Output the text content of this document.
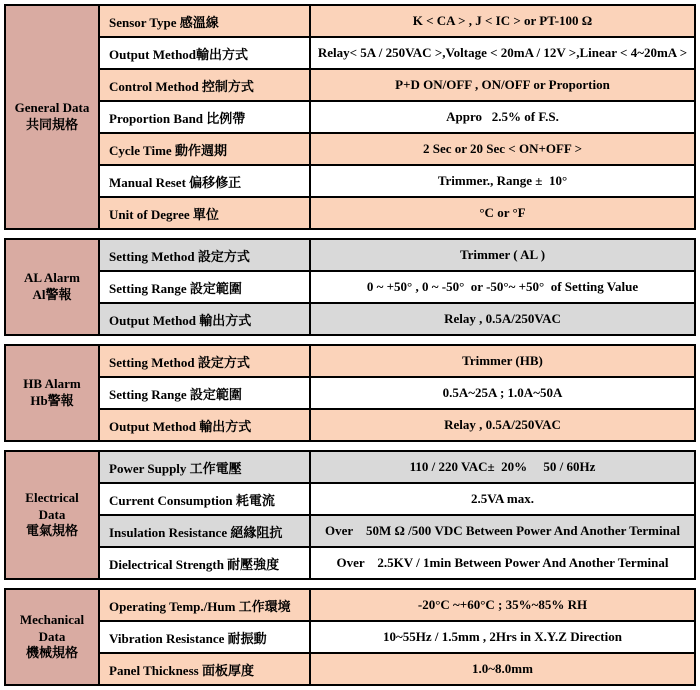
General Data
共同規格	Sensor Type 感溫線	K < CA > , J < IC > or PT-100 Ω
	Output Method輸出方式	Relay< 5A / 250VAC >,Voltage < 20mA / 12V >,Linear < 4~20mA >
	Control Method 控制方式	P+D ON/OFF , ON/OFF or Proportion
	Proportion Band 比例帶	Appro   2.5% of F.S.
	Cycle Time 動作週期	2 Sec or 20 Sec < ON+OFF >
	Manual Reset 偏移修正	Trimmer., Range ±  10°
	Unit of Degree 單位	°C or °F
AL Alarm
Al警報	Setting Method 設定方式	Trimmer ( AL )
	Setting Range 設定範圍	0 ~ +50° , 0 ~ -50°  or -50°~ +50°  of Setting Value
	Output Method 輸出方式	Relay , 0.5A/250VAC
HB Alarm
Hb警報	Setting Method 設定方式	Trimmer (HB)
	Setting Range 設定範圍	0.5A~25A ; 1.0A~50A
	Output Method 輸出方式	Relay , 0.5A/250VAC
Electrical
Data
電氣規格	Power Supply 工作電壓	110 / 220 VAC±  20%     50 / 60Hz
	Current Consumption 耗電流	2.5VA max.
	Insulation Resistance 絕緣阻抗	Over    50M Ω /500 VDC Between Power And Another Terminal
	Dielectrical Strength 耐壓強度	Over    2.5KV / 1min Between Power And Another Terminal
Mechanical
Data
機械規格	Operating Temp./Hum 工作環境	-20°C ~+60°C ; 35%~85% RH
	Vibration Resistance 耐振動	10~55Hz / 1.5mm , 2Hrs in X.Y.Z Direction
	Panel Thickness 面板厚度	1.0~8.0mm
